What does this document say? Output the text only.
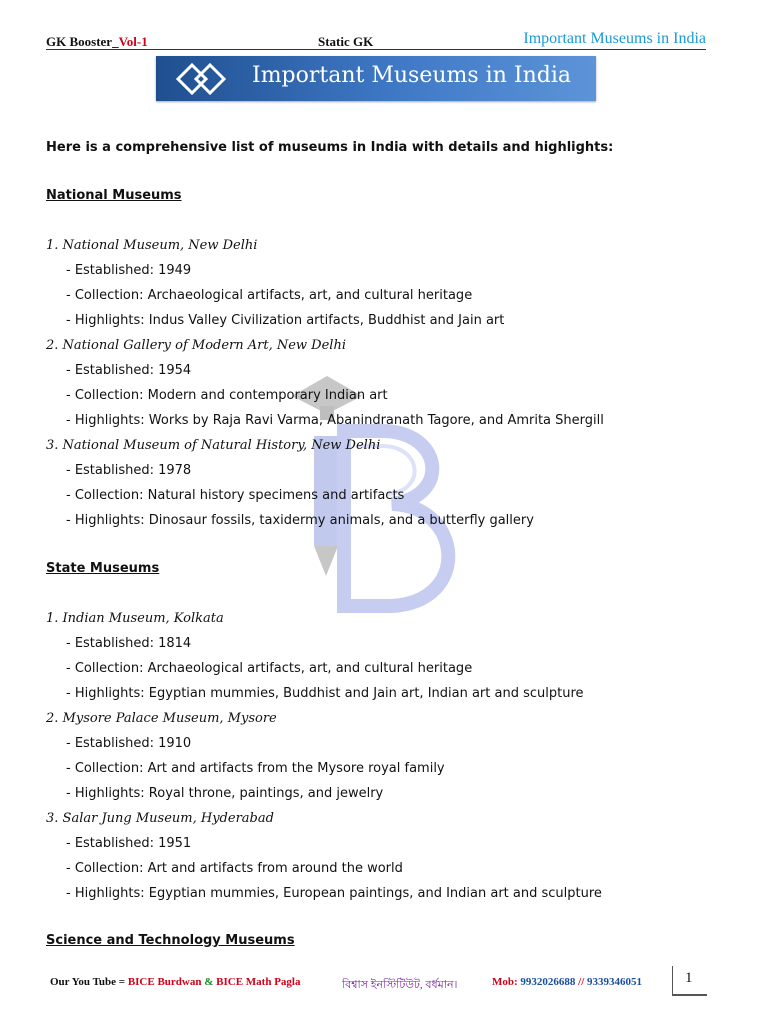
GK Booster_Vol-1	Static GK	Important Museums in India
Important Museums in India
Here is a comprehensive list of museums in India with details and highlights:
National Museums
1. National Museum, New Delhi
- Established: 1949
- Collection: Archaeological artifacts, art, and cultural heritage
- Highlights: Indus Valley Civilization artifacts, Buddhist and Jain art
2. National Gallery of Modern Art, New Delhi
- Established: 1954
- Collection: Modern and contemporary Indian art
- Highlights: Works by Raja Ravi Varma, Abanindranath Tagore, and Amrita Shergill
3. National Museum of Natural History, New Delhi
- Established: 1978
- Collection: Natural history specimens and artifacts
- Highlights: Dinosaur fossils, taxidermy animals, and a butterfly gallery
State Museums
1. Indian Museum, Kolkata
- Established: 1814
- Collection: Archaeological artifacts, art, and cultural heritage
- Highlights: Egyptian mummies, Buddhist and Jain art, Indian art and sculpture
2. Mysore Palace Museum, Mysore
- Established: 1910
- Collection: Art and artifacts from the Mysore royal family
- Highlights: Royal throne, paintings, and jewelry
3. Salar Jung Museum, Hyderabad
- Established: 1951
- Collection: Art and artifacts from around the world
- Highlights: Egyptian mummies, European paintings, and Indian art and sculpture
Science and Technology Museums
Our You Tube = BICE Burdwan & BICE Math Pagla	বিশ্বাস ইনস্টিটিউট, বর্ধমান।	Mob: 9932026688 // 9339346051	1
